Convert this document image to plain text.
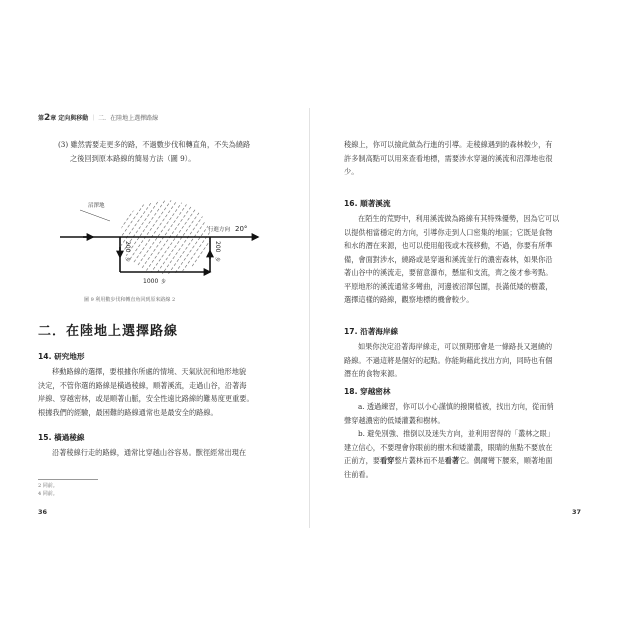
第2章 定向與移動 ｜ 二．在陸地上選擇路線
(3) 雖然需要走更多的路，不過數步伐和轉直角，不失為繞路
之後回到原本路線的簡易方法（圖 9）。
沼澤地
行進方向 20°
200
步
1000 步
200
步
圖 9 利用數步伐和轉直角回到原來路線 2
二．在陸地上選擇路線
14. 研究地形
移動路線的選擇，要根據你所處的情境、天氣狀況和地形地貌
決定，不管你選的路線是橫過稜線，順著溪流，走過山谷，沿著海
岸線、穿越密林，或是順著山脈，安全性遠比路線的難易度更重要。
根據我們的經驗，最困難的路線通常也是最安全的路線。
15. 橫過稜線
沿著稜線行走的路線，通常比穿越山谷容易。獸徑經常出現在
2 同前。
4 同前。
36
稜線上，你可以撿此做為行進的引導。走稜線遇到的森林較少，有
許多制高點可以用來查看地標，需要涉水穿過的溪流和沼澤地也很
少。
16. 順著溪流
在陌生的荒野中，利用溪流做為路線有其特殊優勢，因為它可以
以提供相當穩定的方向，引導你走到人口密集的地區；它既是食物
和水的潛在來源，也可以使用船筏或木筏移動，不過，你要有所準
備，會面對涉水，繞路或是穿過和溪流並行的濃密森林，如果你沿
著山谷中的溪流走，要留意瀑布，懸崖和支流，齊之後才參考點。
平原地形的溪流通常多彎曲，河邊被沼澤包圍，長滿低矮的樹叢，
選擇這樣的路線，觀察地標的機會較少。
17. 沿著海岸線
如果你決定沿著海岸線走，可以預期那會是一條路長又迴繞的
路線。不過這將是個好的起點。你能夠藉此找出方向，同時也有個
潛在的食物來源。
18. 穿越密林
a. 透過練習，你可以小心謹慎的撥開植被，找出方向，從而悄
聲穿越濃密的低矮灌叢和樹林。
b. 避免別強、推倒以及迷失方向，並利用習得的「叢林之眼」
建立信心，不要理會你眼前的樹木和矮灌叢，眼睛的焦點不要放在
正前方，要看穿整片叢林而不是看著它。偶爾彎下腰來，順著地面
往前看。
37
